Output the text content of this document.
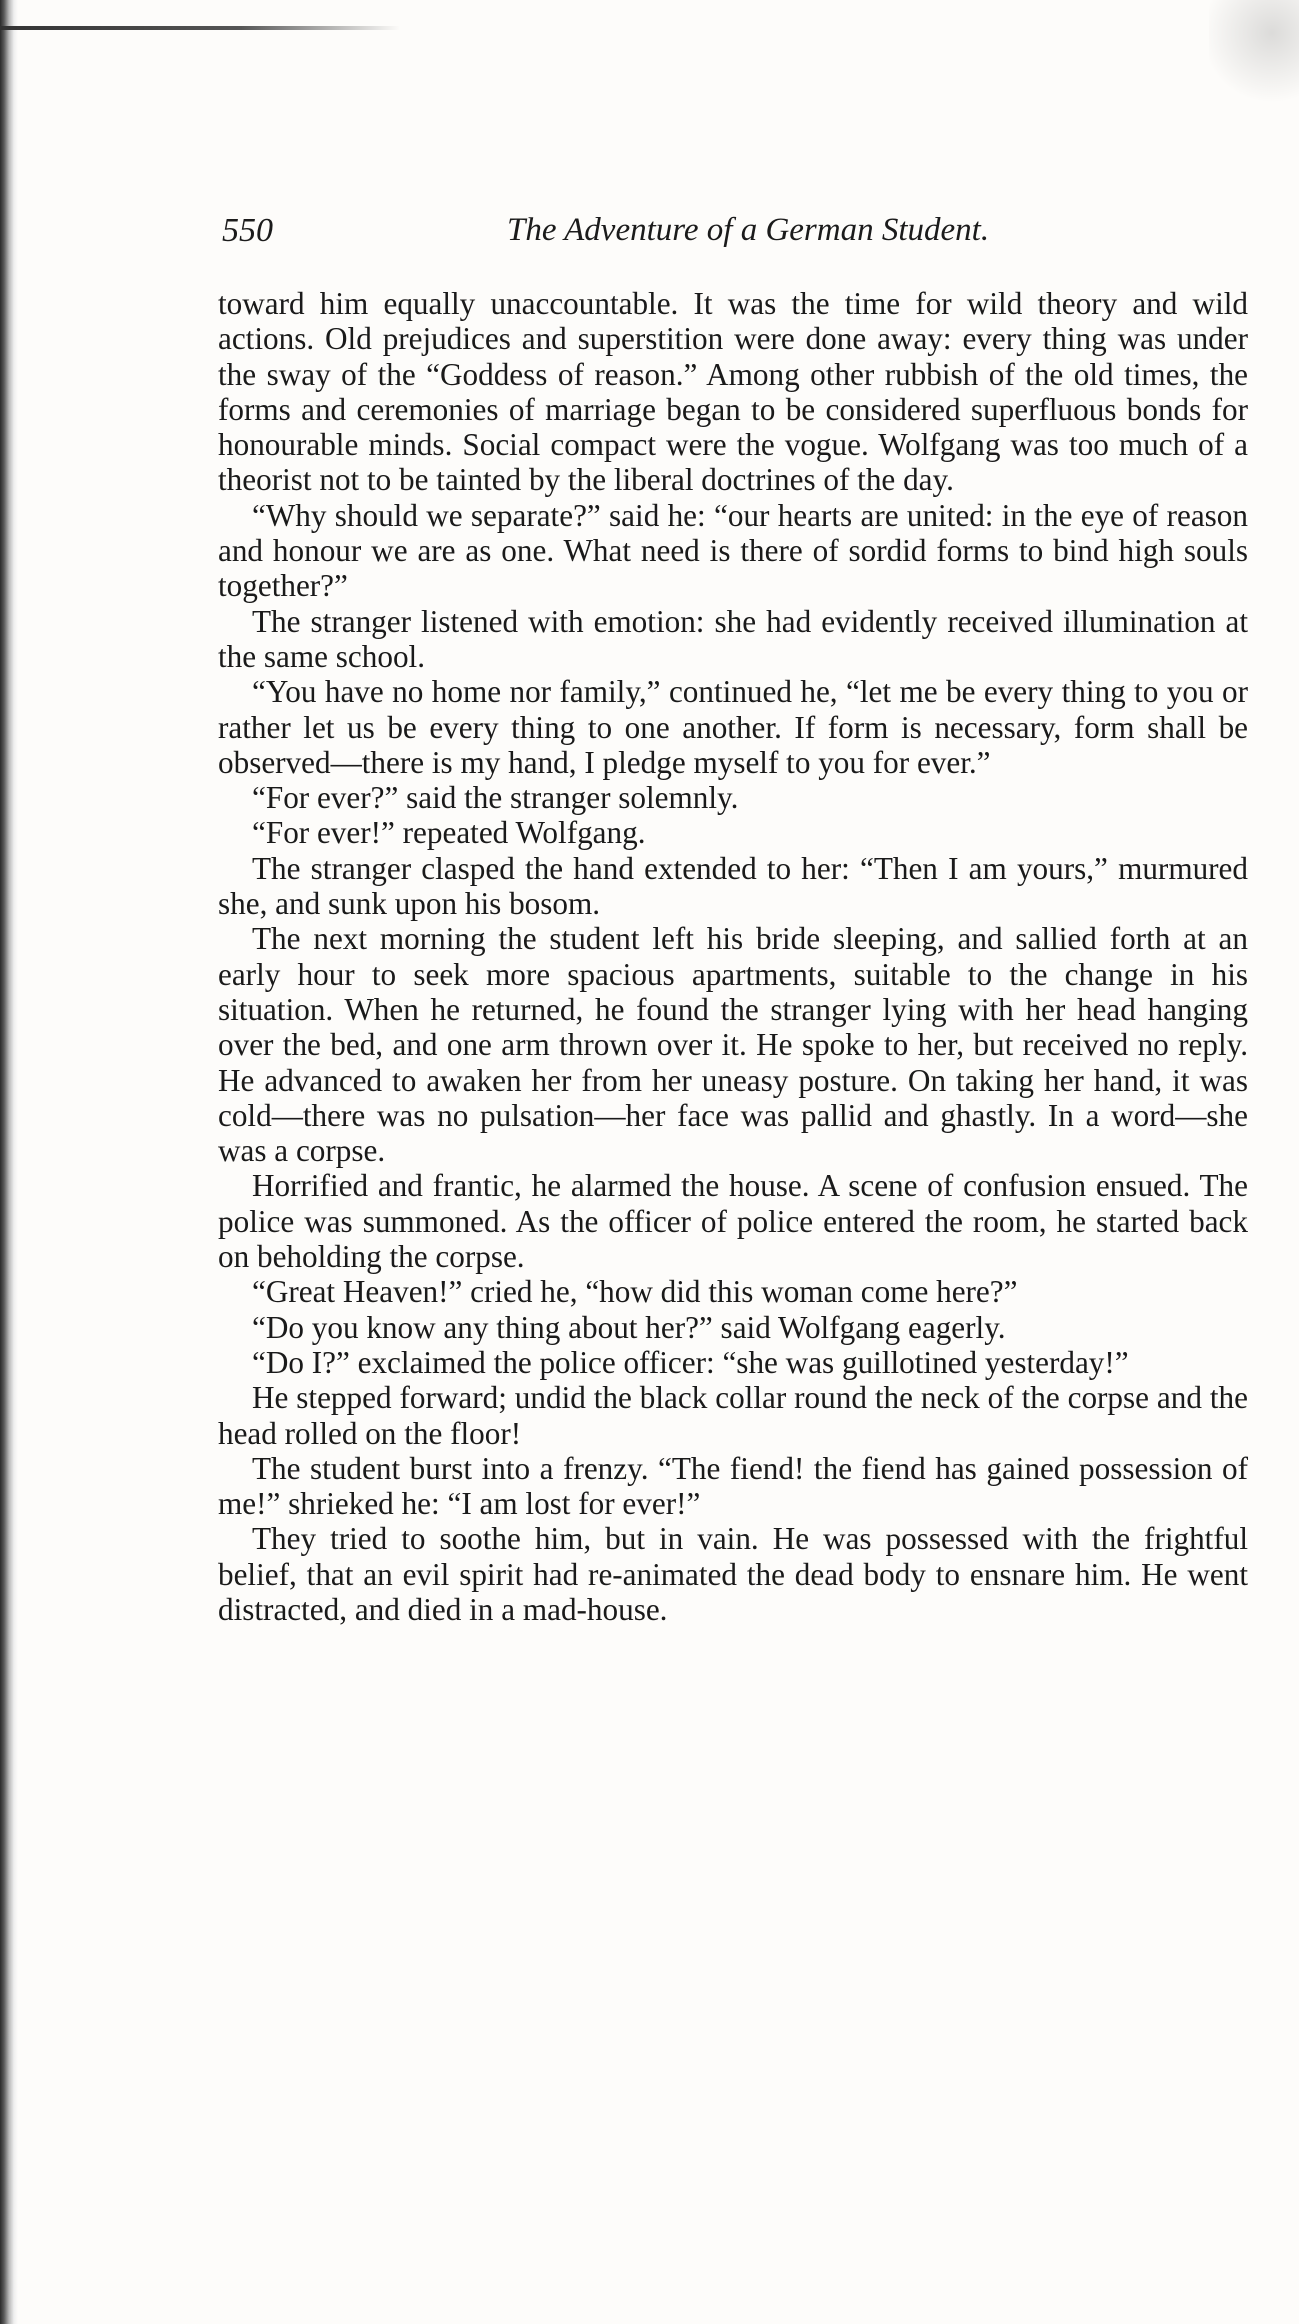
550	The Adventure of a German Student.

toward him equally unaccountable. It was the time for wild theory and wild actions. Old prejudices and superstition were done away: every thing was under the sway of the “Goddess of reason.” Among other rubbish of the old times, the forms and ceremonies of marriage began to be considered superfluous bonds for honourable minds. Social compact were the vogue. Wolfgang was too much of a theorist not to be tainted by the liberal doctrines of the day.

“Why should we separate?” said he: “our hearts are united: in the eye of reason and honour we are as one. What need is there of sordid forms to bind high souls together?”

The stranger listened with emotion: she had evidently received illumination at the same school.

“You have no home nor family,” continued he, “let me be every thing to you or rather let us be every thing to one another. If form is necessary, form shall be observed—there is my hand, I pledge myself to you for ever.”

“For ever?” said the stranger solemnly.

“For ever!” repeated Wolfgang.

The stranger clasped the hand extended to her: “Then I am yours,” murmured she, and sunk upon his bosom.

The next morning the student left his bride sleeping, and sallied forth at an early hour to seek more spacious apartments, suitable to the change in his situation. When he returned, he found the stranger lying with her head hanging over the bed, and one arm thrown over it. He spoke to her, but received no reply. He advanced to awaken her from her uneasy posture. On taking her hand, it was cold—there was no pulsation—her face was pallid and ghastly. In a word—she was a corpse.

Horrified and frantic, he alarmed the house. A scene of confusion ensued. The police was summoned. As the officer of police entered the room, he started back on beholding the corpse.

“Great Heaven!” cried he, “how did this woman come here?”

“Do you know any thing about her?” said Wolfgang eagerly.

“Do I?” exclaimed the police officer: “she was guillotined yesterday!”

He stepped forward; undid the black collar round the neck of the corpse and the head rolled on the floor!

The student burst into a frenzy. “The fiend! the fiend has gained possession of me!” shrieked he: “I am lost for ever!”

They tried to soothe him, but in vain. He was possessed with the frightful belief, that an evil spirit had re-animated the dead body to ensnare him. He went distracted, and died in a mad-house.
